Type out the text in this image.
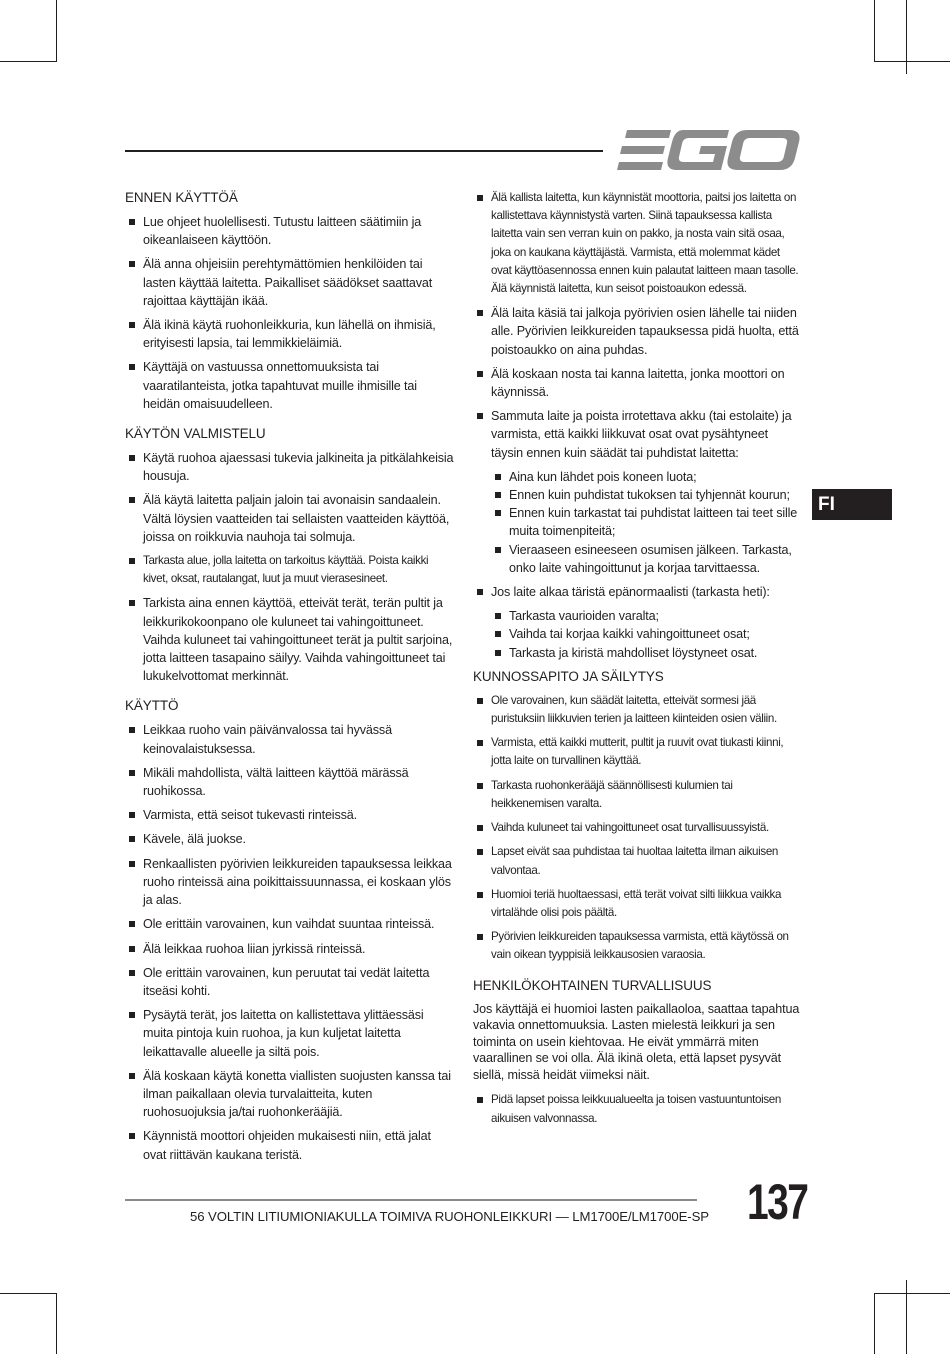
FI
ENNEN KÄYTTÖÄ
Lue ohjeet huolellisesti. Tutustu laitteen säätimiin ja oikeanlaiseen käyttöön.
Älä anna ohjeisiin perehtymättömien henkilöiden tai lasten käyttää laitetta. Paikalliset säädökset saattavat rajoittaa käyttäjän ikää.
Älä ikinä käytä ruohonleikkuria, kun lähellä on ihmisiä, erityisesti lapsia, tai lemmikkieläimiä.
Käyttäjä on vastuussa onnettomuuksista tai vaaratilanteista, jotka tapahtuvat muille ihmisille tai heidän omaisuudelleen.
KÄYTÖN VALMISTELU
Käytä ruohoa ajaessasi tukevia jalkineita ja pitkälahkeisia housuja.
Älä käytä laitetta paljain jaloin tai avonaisin sandaalein. Vältä löysien vaatteiden tai sellaisten vaatteiden käyttöä, joissa on roikkuvia nauhoja tai solmuja.
Tarkasta alue, jolla laitetta on tarkoitus käyttää. Poista kaikki kivet, oksat, rautalangat, luut ja muut vierasesineet.
Tarkista aina ennen käyttöä, etteivät terät, terän pultit ja leikkurikokoonpano ole kuluneet tai vahingoittuneet. Vaihda kuluneet tai vahingoittuneet terät ja pultit sarjoina, jotta laitteen tasapaino säilyy. Vaihda vahingoittuneet tai lukukelvottomat merkinnät.
KÄYTTÖ
Leikkaa ruoho vain päivänvalossa tai hyvässä keinovalaistuksessa.
Mikäli mahdollista, vältä laitteen käyttöä märässä ruohikossa.
Varmista, että seisot tukevasti rinteissä.
Kävele, älä juokse.
Renkaallisten pyörivien leikkureiden tapauksessa leikkaa ruoho rinteissä aina poikittaissuunnassa, ei koskaan ylös ja alas.
Ole erittäin varovainen, kun vaihdat suuntaa rinteissä.
Älä leikkaa ruohoa liian jyrkissä rinteissä.
Ole erittäin varovainen, kun peruutat tai vedät laitetta itseäsi kohti.
Pysäytä terät, jos laitetta on kallistettava ylittäessäsi muita pintoja kuin ruohoa, ja kun kuljetat laitetta leikattavalle alueelle ja siltä pois.
Älä koskaan käytä konetta viallisten suojusten kanssa tai ilman paikallaan olevia turvalaitteita, kuten ruohosuojuksia ja/tai ruohonkerääjiä.
Käynnistä moottori ohjeiden mukaisesti niin, että jalat ovat riittävän kaukana teristä.
Älä kallista laitetta, kun käynnistät moottoria, paitsi jos laitetta on kallistettava käynnistystä varten. Siinä tapauksessa kallista laitetta vain sen verran kuin on pakko, ja nosta vain sitä osaa, joka on kaukana käyttäjästä. Varmista, että molemmat kädet ovat käyttöasennossa ennen kuin palautat laitteen maan tasolle. Älä käynnistä laitetta, kun seisot poistoaukon edessä.
Älä laita käsiä tai jalkoja pyörivien osien lähelle tai niiden alle. Pyörivien leikkureiden tapauksessa pidä huolta, että poistoaukko on aina puhdas.
Älä koskaan nosta tai kanna laitetta, jonka moottori on käynnissä.
Sammuta laite ja poista irrotettava akku (tai estolaite) ja varmista, että kaikki liikkuvat osat ovat pysähtyneet täysin ennen kuin säädät tai puhdistat laitetta:
Aina kun lähdet pois koneen luota;
Ennen kuin puhdistat tukoksen tai tyhjennät kourun;
Ennen kuin tarkastat tai puhdistat laitteen tai teet sille muita toimenpiteitä;
Vieraaseen esineeseen osumisen jälkeen. Tarkasta, onko laite vahingoittunut ja korjaa tarvittaessa.
Jos laite alkaa täristä epänormaalisti (tarkasta heti):
Tarkasta vaurioiden varalta;
Vaihda tai korjaa kaikki vahingoittuneet osat;
Tarkasta ja kiristä mahdolliset löystyneet osat.
KUNNOSSAPITO JA SÄILYTYS
Ole varovainen, kun säädät laitetta, etteivät sormesi jää puristuksiin liikkuvien terien ja laitteen kiinteiden osien väliin.
Varmista, että kaikki mutterit, pultit ja ruuvit ovat tiukasti kiinni, jotta laite on turvallinen käyttää.
Tarkasta ruohonkerääjä säännöllisesti kulumien tai heikkenemisen varalta.
Vaihda kuluneet tai vahingoittuneet osat turvallisuussyistä.
Lapset eivät saa puhdistaa tai huoltaa laitetta ilman aikuisen valvontaa.
Huomioi teriä huoltaessasi, että terät voivat silti liikkua vaikka virtalähde olisi pois päältä.
Pyörivien leikkureiden tapauksessa varmista, että käytössä on vain oikean tyyppisiä leikkausosien varaosia.
HENKILÖKOHTAINEN TURVALLISUUS

Jos käyttäjä ei huomioi lasten paikallaoloa, saattaa tapahtua vakavia onnettomuuksia. Lasten mielestä leikkuri ja sen toiminta on usein kiehtovaa. He eivät ymmärrä miten vaarallinen se voi olla. Älä ikinä oleta, että lapset pysyvät siellä, missä heidät viimeksi näit.

Pidä lapset poissa leikkuualueelta ja toisen vastuuntuntoisen aikuisen valvonnassa.
56 VOLTIN LITIUMIONIAKULLA TOIMIVA RUOHONLEIKKURI — LM1700E/LM1700E-SP 137
